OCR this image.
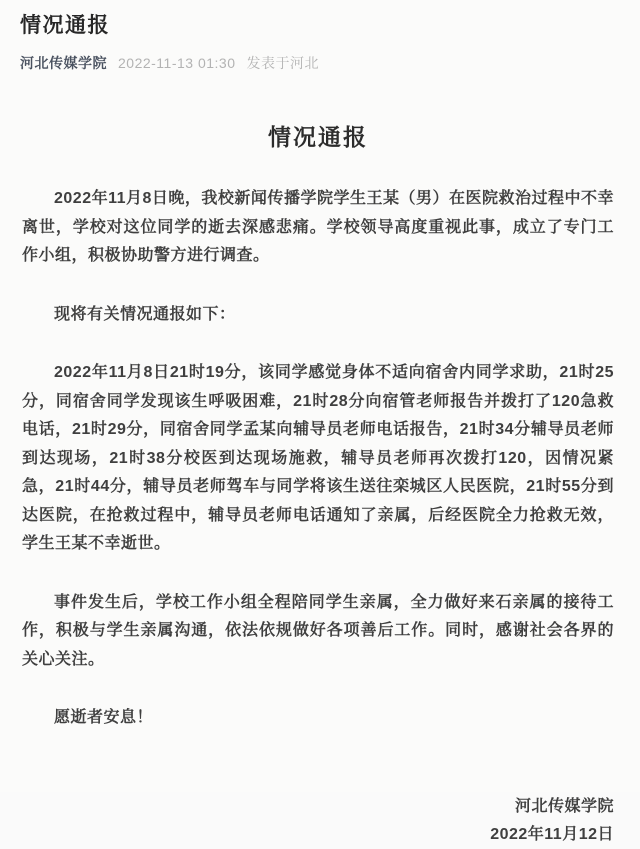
情况通报
河北传媒学院 2022-11-13 01:30 发表于河北
情况通报

2022年11月8日晚，我校新闻传播学院学生王某（男）在医院救治过程中不幸离世，学校对这位同学的逝去深感悲痛。学校领导高度重视此事，成立了专门工作小组，积极协助警方进行调查。

现将有关情况通报如下：

2022年11月8日21时19分，该同学感觉身体不适向宿舍内同学求助，21时25分，同宿舍同学发现该生呼吸困难，21时28分向宿管老师报告并拨打了120急救电话，21时29分，同宿舍同学孟某向辅导员老师电话报告，21时34分辅导员老师到达现场，21时38分校医到达现场施救，辅导员老师再次拨打120，因情况紧急，21时44分，辅导员老师驾车与同学将该生送往栾城区人民医院，21时55分到达医院，在抢救过程中，辅导员老师电话通知了亲属，后经医院全力抢救无效，学生王某不幸逝世。

事件发生后，学校工作小组全程陪同学生亲属，全力做好来石亲属的接待工作，积极与学生亲属沟通，依法依规做好各项善后工作。同时，感谢社会各界的关心关注。

愿逝者安息！

河北传媒学院
2022年11月12日
